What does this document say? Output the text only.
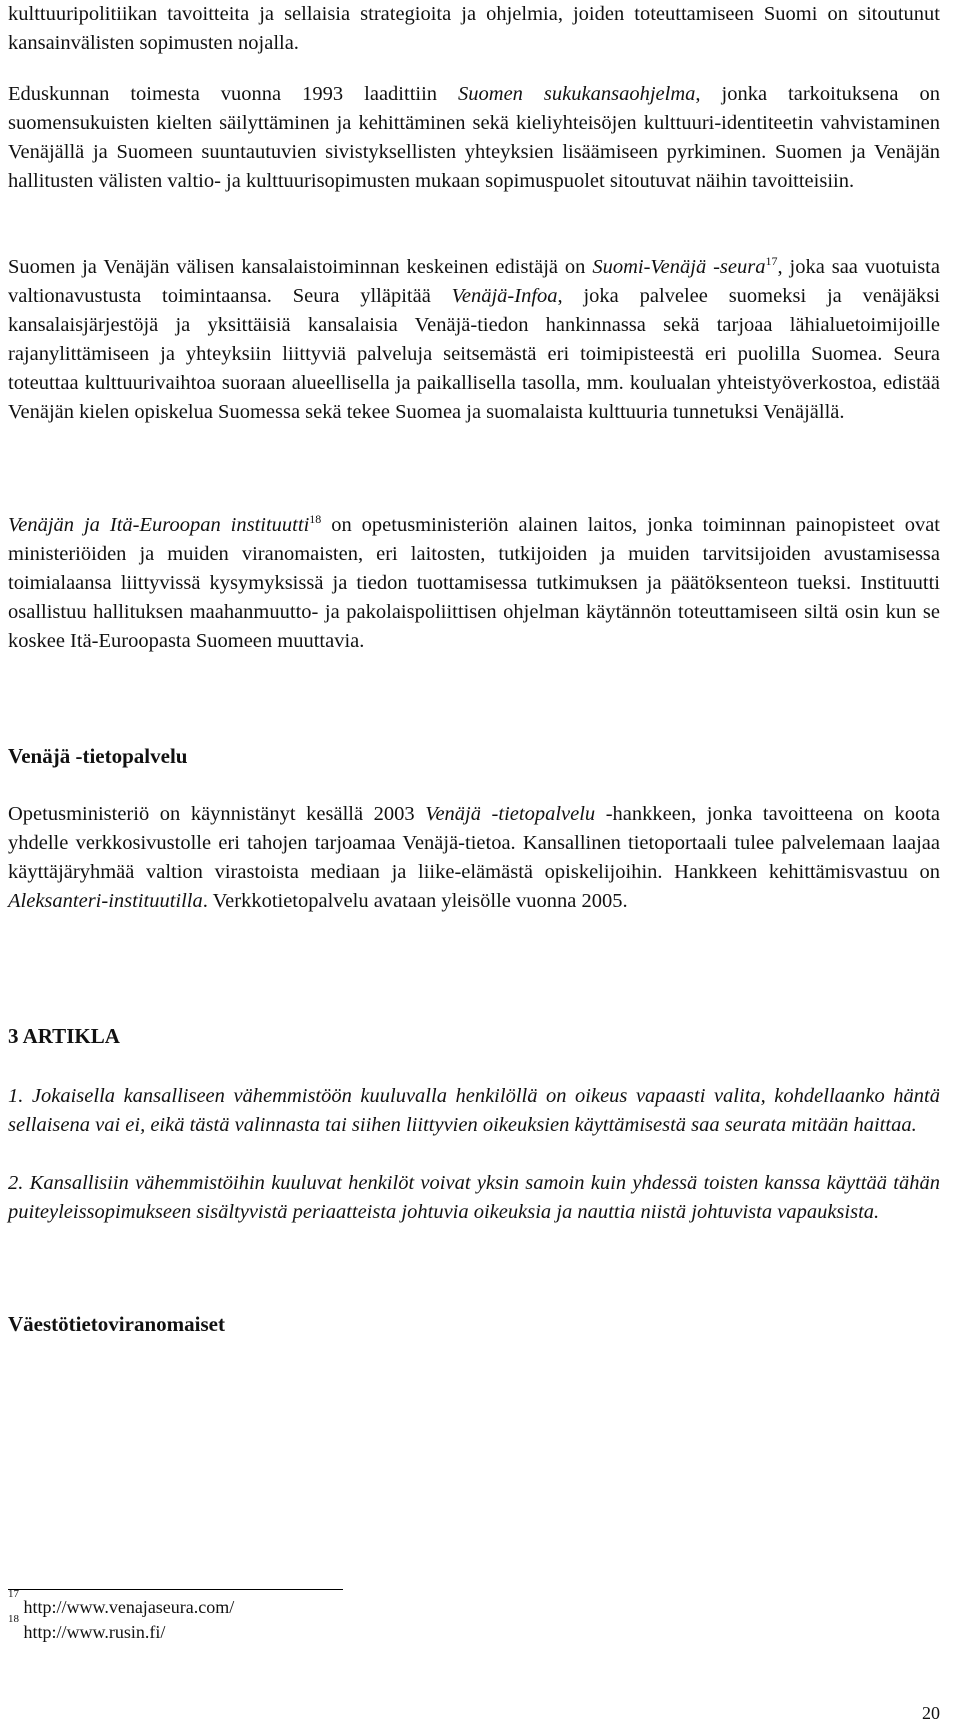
kulttuuripolitiikan tavoitteita ja sellaisia strategioita ja ohjelmia, joiden toteuttamiseen Suomi on sitoutunut kansainvälisten sopimusten nojalla.

Eduskunnan toimesta vuonna 1993 laadittiin Suomen sukukansaohjelma, jonka tarkoituksena on suomensukuisten kielten säilyttäminen ja kehittäminen sekä kieliyhteisöjen kulttuuri-identiteetin vahvistaminen Venäjällä ja Suomeen suuntautuvien sivistyksellisten yhteyksien lisäämiseen pyrkiminen. Suomen ja Venäjän hallitusten välisten valtio- ja kulttuurisopimusten mukaan sopimuspuolet sitoutuvat näihin tavoitteisiin.

Suomen ja Venäjän välisen kansalaistoiminnan keskeinen edistäjä on Suomi-Venäjä -seura$^{17}$, joka saa vuotuista valtionavustusta toimintaansa. Seura ylläpitää Venäjä-Infoa, joka palvelee suomeksi ja venäjäksi kansalaisjärjestöjä ja yksittäisiä kansalaisia Venäjä-tiedon hankinnassa sekä tarjoaa lähialuetoimijoille rajanylittämiseen ja yhteyksiin liittyviä palveluja seitsemästä eri toimipisteestä eri puolilla Suomea. Seura toteuttaa kulttuurivaihtoa suoraan alueellisella ja paikallisella tasolla, mm. koulualan yhteistyöverkostoa, edistää Venäjän kielen opiskelua Suomessa sekä tekee Suomea ja suomalaista kulttuuria tunnetuksi Venäjällä.

Venäjän ja Itä-Euroopan instituutti$^{18}$ on opetusministeriön alainen laitos, jonka toiminnan painopisteet ovat ministeriöiden ja muiden viranomaisten, eri laitosten, tutkijoiden ja muiden tarvitsijoiden avustamisessa toimialaansa liittyvissä kysymyksissä ja tiedon tuottamisessa tutkimuksen ja päätöksenteon tueksi. Instituutti osallistuu hallituksen maahanmuutto- ja pakolaispoliittisen ohjelman käytännön toteuttamiseen siltä osin kun se koskee Itä-Euroopasta Suomeen muuttavia.

Venäjä -tietopalvelu

Opetusministeriö on käynnistänyt kesällä 2003 Venäjä -tietopalvelu -hankkeen, jonka tavoitteena on koota yhdelle verkkosivustolle eri tahojen tarjoamaa Venäjä-tietoa. Kansallinen tietoportaali tulee palvelemaan laajaa käyttäjäryhmää valtion virastoista mediaan ja liike-elämästä opiskelijoihin. Hankkeen kehittämisvastuu on Aleksanteri-instituutilla. Verkkotietopalvelu avataan yleisölle vuonna 2005.

3 ARTIKLA

1. Jokaisella kansalliseen vähemmistöön kuuluvalla henkilöllä on oikeus vapaasti valita, kohdellaanko häntä sellaisena vai ei, eikä tästä valinnasta tai siihen liittyvien oikeuksien käyttämisestä saa seurata mitään haittaa.

2. Kansallisiin vähemmistöihin kuuluvat henkilöt voivat yksin samoin kuin yhdessä toisten kanssa käyttää tähän puiteyleissopimukseen sisältyvistä periaatteista johtuvia oikeuksia ja nauttia niistä johtuvista vapauksista.

Väestötietoviranomaiset

$^{17}$ http://www.venajaseura.com/

$^{18}$ http://www.rusin.fi/

20
